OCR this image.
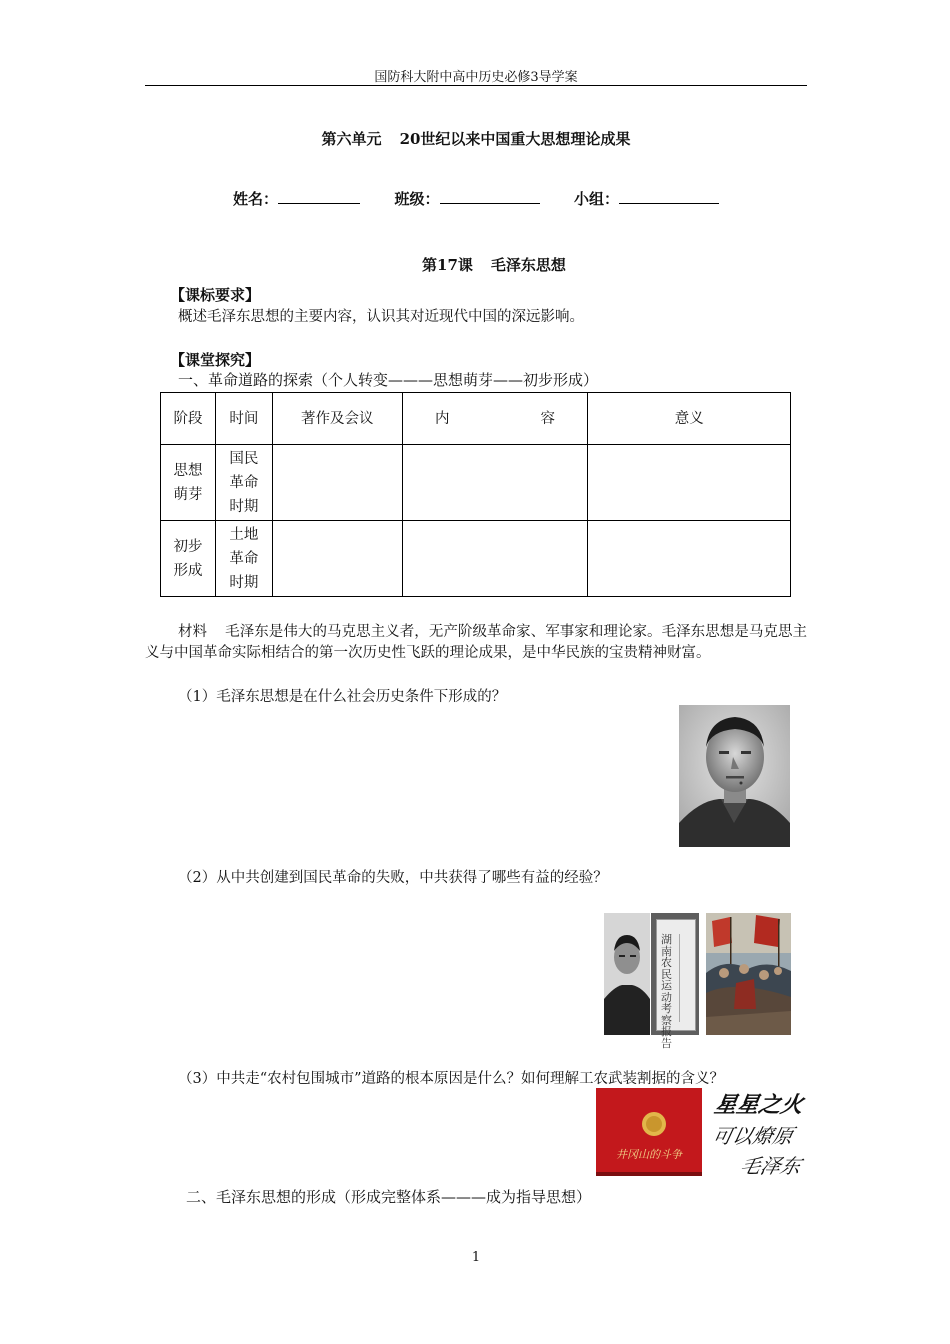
国防科大附中高中历史必修3导学案
第六单元 20世纪以来中国重大思想理论成果
姓名：	班级：	小组：
第17课 毛泽东思想
【课标要求】
概述毛泽东思想的主要内容，认识其对近现代中国的深远影响。
【课堂探究】
一、革命道路的探索（个人转变———思想萌芽——初步形成）
阶段	时间	著作及会议	内容	意义

思想萌芽	国民革命时期			

初步形成	土地革命时期			

材料 毛泽东是伟大的马克思主义者，无产阶级革命家、军事家和理论家。毛泽东思想是马克思主义与中国革命实际相结合的第一次历史性飞跃的理论成果，是中华民族的宝贵精神财富。
（1）毛泽东思想是在什么社会历史条件下形成的？
（2）从中共创建到国民革命的失败，中共获得了哪些有益的经验？
湖南农民运动考察报告
（3）中共走“农村包围城市”道路的根本原因是什么？如何理解工农武装割据的含义？
井冈山的斗争
星星之火
可以燎原
毛泽东
二、毛泽东思想的形成（形成完整体系———成为指导思想）
1
